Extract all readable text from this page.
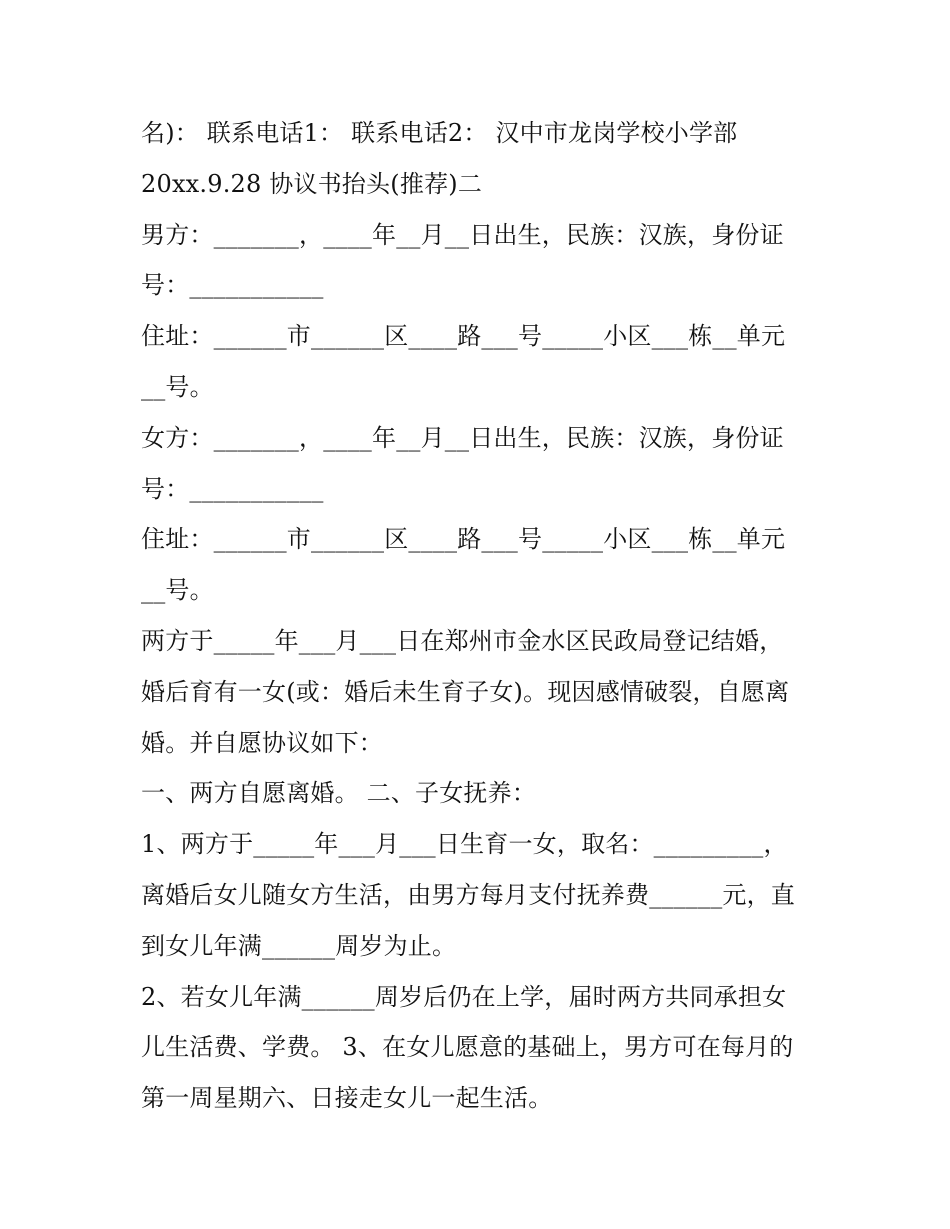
名)： 联系电话1： 联系电话2： 汉中市龙岗学校小学部
20xx.9.28 协议书抬头(推荐)二
男方：_______，____年__月__日出生，民族：汉族，身份证
号：___________
住址：______市______区____路___号_____小区___栋__单元
__号。
女方：_______，____年__月__日出生，民族：汉族，身份证
号：___________
住址：______市______区____路___号_____小区___栋__单元
__号。
两方于_____年___月___日在郑州市金水区民政局登记结婚，
婚后育有一女(或：婚后未生育子女)。现因感情破裂，自愿离
婚。并自愿协议如下：
一、两方自愿离婚。 二、子女抚养：
1、两方于_____年___月___日生育一女，取名：_________，
离婚后女儿随女方生活，由男方每月支付抚养费______元，直
到女儿年满______周岁为止。
2、若女儿年满______周岁后仍在上学，届时两方共同承担女
儿生活费、学费。 3、在女儿愿意的基础上，男方可在每月的
第一周星期六、日接走女儿一起生活。
